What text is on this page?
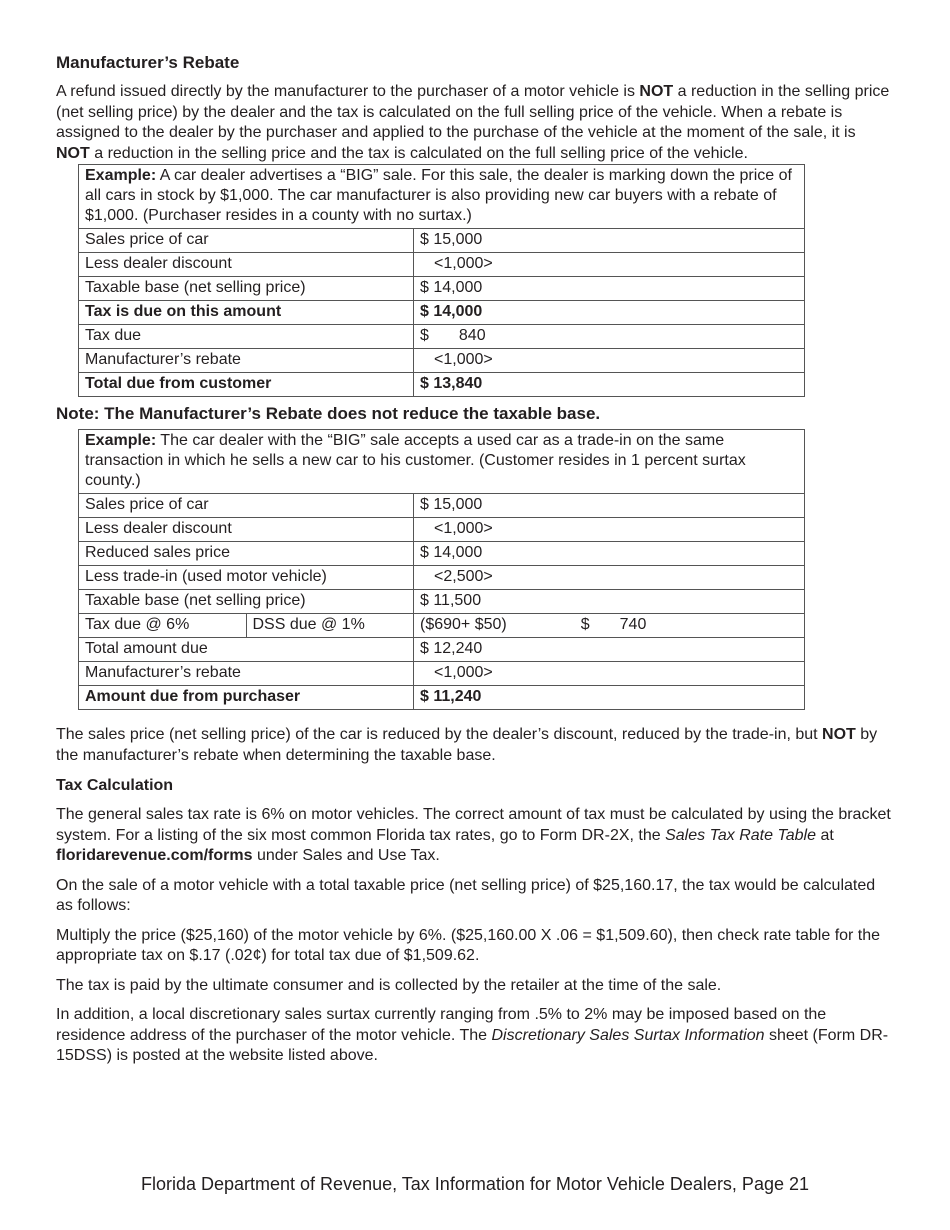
Manufacturer’s Rebate

A refund issued directly by the manufacturer to the purchaser of a motor vehicle is NOT a reduction in the selling price (net selling price) by the dealer and the tax is calculated on the full selling price of the vehicle. When a rebate is assigned to the dealer by the purchaser and applied to the purchase of the vehicle at the moment of the sale, it is NOT a reduction in the selling price and the tax is calculated on the full selling price of the vehicle.

Example: A car dealer advertises a “BIG” sale. For this sale, the dealer is marking down the price of all cars in stock by $1,000. The car manufacturer is also providing new car buyers with a rebate of $1,000. (Purchaser resides in a county with no surtax.)	
Sales price of car	$ 15,000
Less dealer discount	<1,000>
Taxable base (net selling price)	$ 14,000
Tax is due on this amount	$ 14,000
Tax due	$ 840
Manufacturer’s rebate	<1,000>
Total due from customer	$ 13,840
Note: The Manufacturer’s Rebate does not reduce the taxable base.
Example: The car dealer with the “BIG” sale accepts a used car as a trade-in on the same transaction in which he sells a new car to his customer. (Customer resides in 1 percent surtax county.)		
Sales price of car		$ 15,000
Less dealer discount		<1,000>
Reduced sales price		$ 14,000
Less trade-in (used motor vehicle)		<2,500>
Taxable base (net selling price)		$ 11,500
Tax due @ 6%	DSS due @ 1%	($690+ $50) $ 740
Total amount due		$ 12,240
Manufacturer’s rebate		<1,000>
Amount due from purchaser		$ 11,240

The sales price (net selling price) of the car is reduced by the dealer’s discount, reduced by the trade-in, but NOT by the manufacturer’s rebate when determining the taxable base.

Tax Calculation

The general sales tax rate is 6% on motor vehicles. The correct amount of tax must be calculated by using the bracket system. For a listing of the six most common Florida tax rates, go to Form DR-2X, the Sales Tax Rate Table at floridarevenue.com/forms under Sales and Use Tax.

On the sale of a motor vehicle with a total taxable price (net selling price) of $25,160.17, the tax would be calculated as follows:

Multiply the price ($25,160) of the motor vehicle by 6%. ($25,160.00 X .06 = $1,509.60), then check rate table for the appropriate tax on $.17 (.02¢) for total tax due of $1,509.62.

The tax is paid by the ultimate consumer and is collected by the retailer at the time of the sale.

In addition, a local discretionary sales surtax currently ranging from .5% to 2% may be imposed based on the residence address of the purchaser of the motor vehicle. The Discretionary Sales Surtax Information sheet (Form DR-15DSS) is posted at the website listed above.

Florida Department of Revenue, Tax Information for Motor Vehicle Dealers, Page 21
